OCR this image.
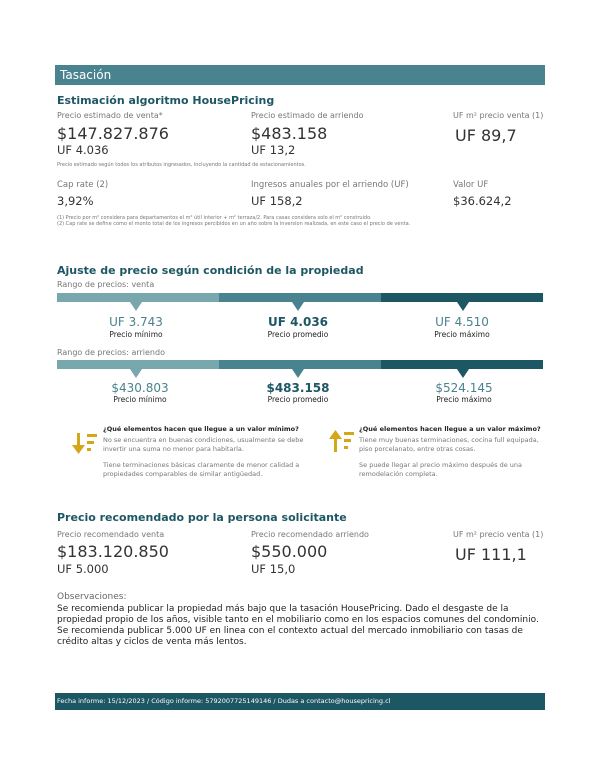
Tasación
Estimación algoritmo HousePricing
Precio estimado de venta*
$147.827.876
UF 4.036
Precio estimado de arriendo
$483.158
UF 13,2
UF m² precio venta (1)
UF 89,7
Precio estimado según todos los atributos ingresados, incluyendo la cantidad de estacionamientos.
Cap rate (2)
3,92%
Ingresos anuales por el arriendo (UF)
UF 158,2
Valor UF
$36.624,2
(1) Precio por m² considera para departamentos el m² útil interior + m² terraza/2. Para casas considera solo el m² construido.
(2) Cap rate se define como el monto total de los ingresos percibidos en un año sobre la inversion realizada, en este caso el precio de venta.
Ajuste de precio según condición de la propiedad
Rango de precios: venta
UF 3.743
Precio mínimo
UF 4.036
Precio promedio
UF 4.510
Precio máximo
Rango de precios: arriendo
$430.803
Precio mínimo
$483.158
Precio promedio
$524.145
Precio máximo
¿Qué elementos hacen que llegue a un valor mínimo?
No se encuentra en buenas condiciones, usualmente se debe invertir una suma no menor para habitarla.
Tiene terminaciones básicas claramente de menor calidad a propiedades comparables de similar antigüedad.
¿Qué elementos hacen llegue a un valor máximo?
Tiene muy buenas terminaciones, cocina full equipada, piso porcelanato, entre otras cosas.
Se puede llegar al precio máximo después de una remodelación completa.
Precio recomendado por la persona solicitante
Precio recomendado venta
$183.120.850
UF 5.000
Precio recomendado arriendo
$550.000
UF 15,0
UF m² precio venta (1)
UF 111,1
Observaciones:
Se recomienda publicar la propiedad más bajo que la tasación HousePricing. Dado el desgaste de la propiedad propio de los años, visible tanto en el mobiliario como en los espacios comunes del condominio. Se recomienda publicar 5.000 UF en linea con el contexto actual del mercado inmobiliario con tasas de crédito altas y ciclos de venta más lentos.
Fecha informe: 15/12/2023 / Código informe: 5792007725149146 / Dudas a contacto@housepricing.cl
